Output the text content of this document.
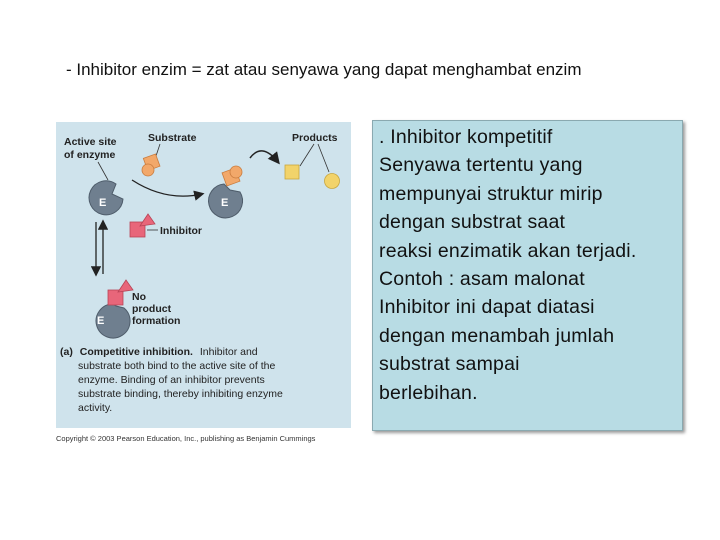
- Inhibitor enzim = zat atau senyawa yang dapat menghambat enzim
Active site
of enzyme
Substrate	Products
E	E
Inhibitor
E
No
product
formation
(a) Competitive inhibition. Inhibitor and
substrate both bind to the active site of the
enzyme. Binding of an inhibitor prevents
substrate binding, thereby inhibiting enzyme
activity.
Copyright © 2003 Pearson Education, Inc., publishing as Benjamin Cummings
. Inhibitor kompetitif
Senyawa tertentu yang
mempunyai struktur mirip
dengan substrat saat
reaksi enzimatik akan terjadi.
Contoh : asam malonat
Inhibitor ini dapat diatasi
dengan menambah jumlah
substrat sampai
berlebihan.
